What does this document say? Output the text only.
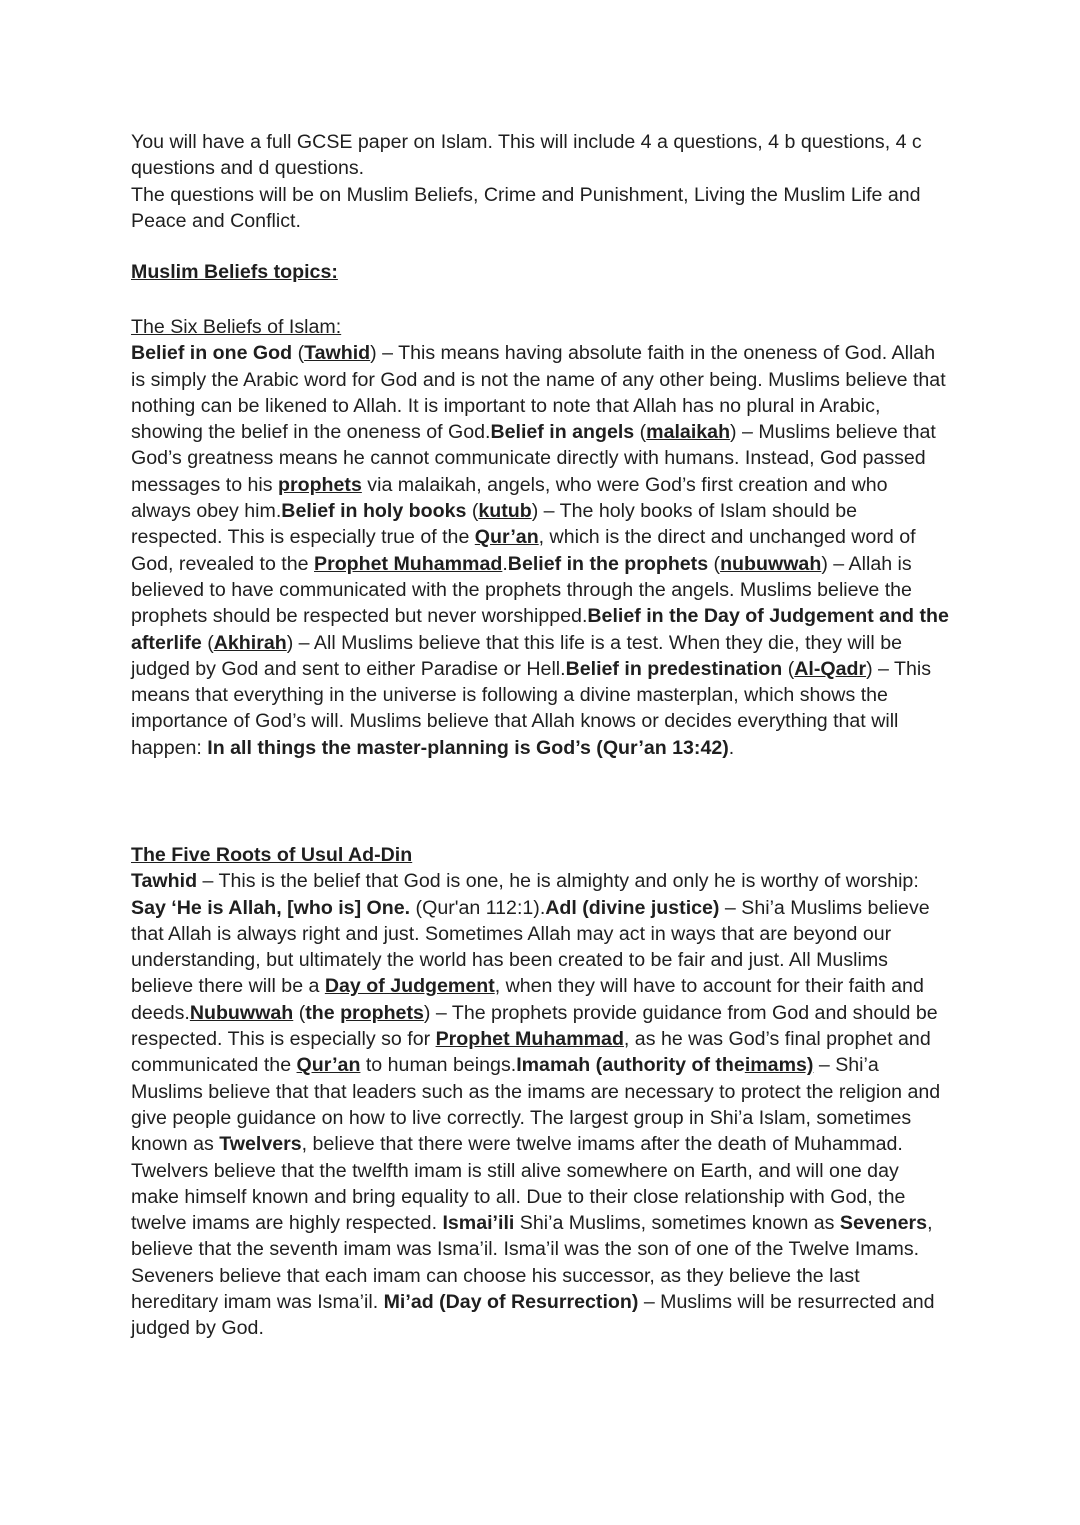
You will have a full GCSE paper on Islam. This will include 4 a questions, 4 b questions, 4 c questions and d questions.

The questions will be on Muslim Beliefs, Crime and Punishment, Living the Muslim Life and Peace and Conflict.

Muslim Beliefs topics:
The Six Beliefs of Islam:
Belief in one God (Tawhid) – This means having absolute faith in the oneness of God. Allah is simply the Arabic word for God and is not the name of any other being. Muslims believe that nothing can be likened to Allah. It is important to note that Allah has no plural in Arabic, showing the belief in the oneness of God.Belief in angels (malaikah) – Muslims believe that God’s greatness means he cannot communicate directly with humans. Instead, God passed messages to his prophets via malaikah, angels, who were God’s first creation and who always obey him.Belief in holy books (kutub) – The holy books of Islam should be respected. This is especially true of the Qur’an, which is the direct and unchanged word of God, revealed to the Prophet Muhammad.Belief in the prophets (nubuwwah) – Allah is believed to have communicated with the prophets through the angels. Muslims believe the prophets should be respected but never worshipped.Belief in the Day of Judgement and the afterlife (Akhirah) – All Muslims believe that this life is a test. When they die, they will be judged by God and sent to either Paradise or Hell.Belief in predestination (Al-Qadr) – This means that everything in the universe is following a divine masterplan, which shows the importance of God’s will. Muslims believe that Allah knows or decides everything that will happen: In all things the master-planning is God’s (Qur’an 13:42).
The Five Roots of Usul Ad-Din
Tawhid – This is the belief that God is one, he is almighty and only he is worthy of worship: Say ‘He is Allah, [who is] One. (Qur'an 112:1).Adl (divine justice) – Shi’a Muslims believe that Allah is always right and just. Sometimes Allah may act in ways that are beyond our understanding, but ultimately the world has been created to be fair and just. All Muslims believe there will be a Day of Judgement, when they will have to account for their faith and deeds.Nubuwwah (the prophets) – The prophets provide guidance from God and should be respected. This is especially so for Prophet Muhammad, as he was God’s final prophet and communicated the Qur’an to human beings.Imamah (authority of theimams) – Shi’a Muslims believe that that leaders such as the imams are necessary to protect the religion and give people guidance on how to live correctly. The largest group in Shi’a Islam, sometimes known as Twelvers, believe that there were twelve imams after the death of Muhammad. Twelvers believe that the twelfth imam is still alive somewhere on Earth, and will one day make himself known and bring equality to all. Due to their close relationship with God, the twelve imams are highly respected. Ismai’ili Shi’a Muslims, sometimes known as Seveners, believe that the seventh imam was Isma’il. Isma’il was the son of one of the Twelve Imams. Seveners believe that each imam can choose his successor, as they believe the last hereditary imam was Isma’il. Mi’ad (Day of Resurrection) – Muslims will be resurrected and judged by God.
